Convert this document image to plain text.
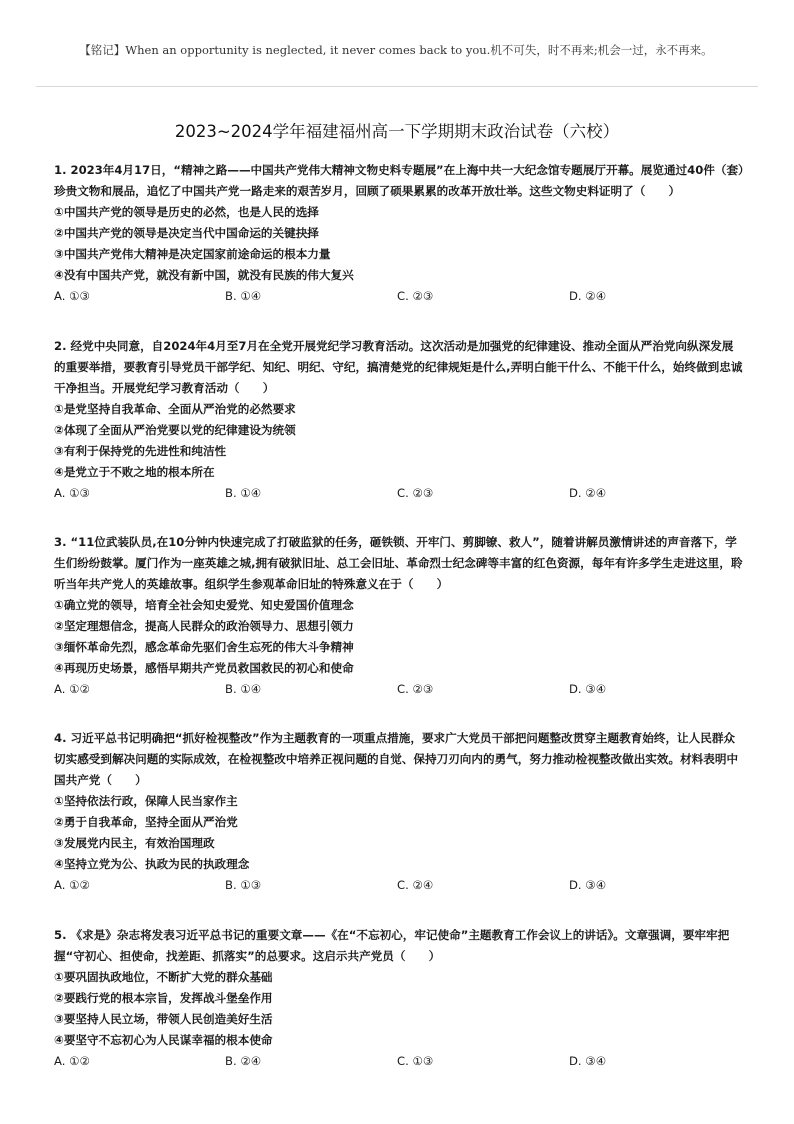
【铭记】When an opportunity is neglected, it never comes back to you.机不可失，时不再来;机会一过，永不再来。
2023~2024学年福建福州高一下学期期末政治试卷（六校）
1. 2023年4月17日，“精神之路——中国共产党伟大精神文物史料专题展”在上海中共一大纪念馆专题展厅开幕。展览通过40件（套）珍贵文物和展品，追忆了中国共产党一路走来的艰苦岁月，回顾了硕果累累的改革开放壮举。这些文物史料证明了（　　）
①中国共产党的领导是历史的必然，也是人民的选择
②中国共产党的领导是决定当代中国命运的关键抉择
③中国共产党伟大精神是决定国家前途命运的根本力量
④没有中国共产党，就没有新中国，就没有民族的伟大复兴
A. ①③	B. ①④	C. ②③	D. ②④
2. 经党中央同意，自2024年4月至7月在全党开展党纪学习教育活动。这次活动是加强党的纪律建设、推动全面从严治党向纵深发展的重要举措，要教育引导党员干部学纪、知纪、明纪、守纪，搞清楚党的纪律规矩是什么,弄明白能干什么、不能干什么，始终做到忠诚干净担当。开展党纪学习教育活动（　　）
①是党坚持自我革命、全面从严治党的必然要求
②体现了全面从严治党要以党的纪律建设为统领
③有利于保持党的先进性和纯洁性
④是党立于不败之地的根本所在
A. ①③	B. ①④	C. ②③	D. ②④
3. “11位武装队员,在10分钟内快速完成了打破监狱的任务，砸铁锁、开牢门、剪脚镣、救人”，随着讲解员激情讲述的声音落下，学生们纷纷鼓掌。厦门作为一座英雄之城,拥有破狱旧址、总工会旧址、革命烈士纪念碑等丰富的红色资源，每年有许多学生走进这里，聆听当年共产党人的英雄故事。组织学生参观革命旧址的特殊意义在于（　　）
①确立党的领导，培育全社会知史爱党、知史爱国价值理念
②坚定理想信念，提高人民群众的政治领导力、思想引领力
③缅怀革命先烈，感念革命先驱们舍生忘死的伟大斗争精神
④再现历史场景，感悟早期共产党员救国救民的初心和使命
A. ①②	B. ①④	C. ②③	D. ③④
4. 习近平总书记明确把“抓好检视整改”作为主题教育的一项重点措施，要求广大党员干部把问题整改贯穿主题教育始终，让人民群众切实感受到解决问题的实际成效，在检视整改中培养正视问题的自觉、保持刀刃向内的勇气，努力推动检视整改做出实效。材料表明中国共产党（　　）
①坚持依法行政，保障人民当家作主
②勇于自我革命，坚持全面从严治党
③发展党内民主，有效治国理政
④坚持立党为公、执政为民的执政理念
A. ①②	B. ①③	C. ②④	D. ③④
5. 《求是》杂志将发表习近平总书记的重要文章——《在“不忘初心，牢记使命”主题教育工作会议上的讲话》。文章强调，要牢牢把握“守初心、担使命，找差距、抓落实”的总要求。这启示共产党员（　　）
①要巩固执政地位，不断扩大党的群众基础
②要践行党的根本宗旨，发挥战斗堡垒作用
③要坚持人民立场，带领人民创造美好生活
④要坚守不忘初心为人民谋幸福的根本使命
A. ①②	B. ②④	C. ①③	D. ③④
